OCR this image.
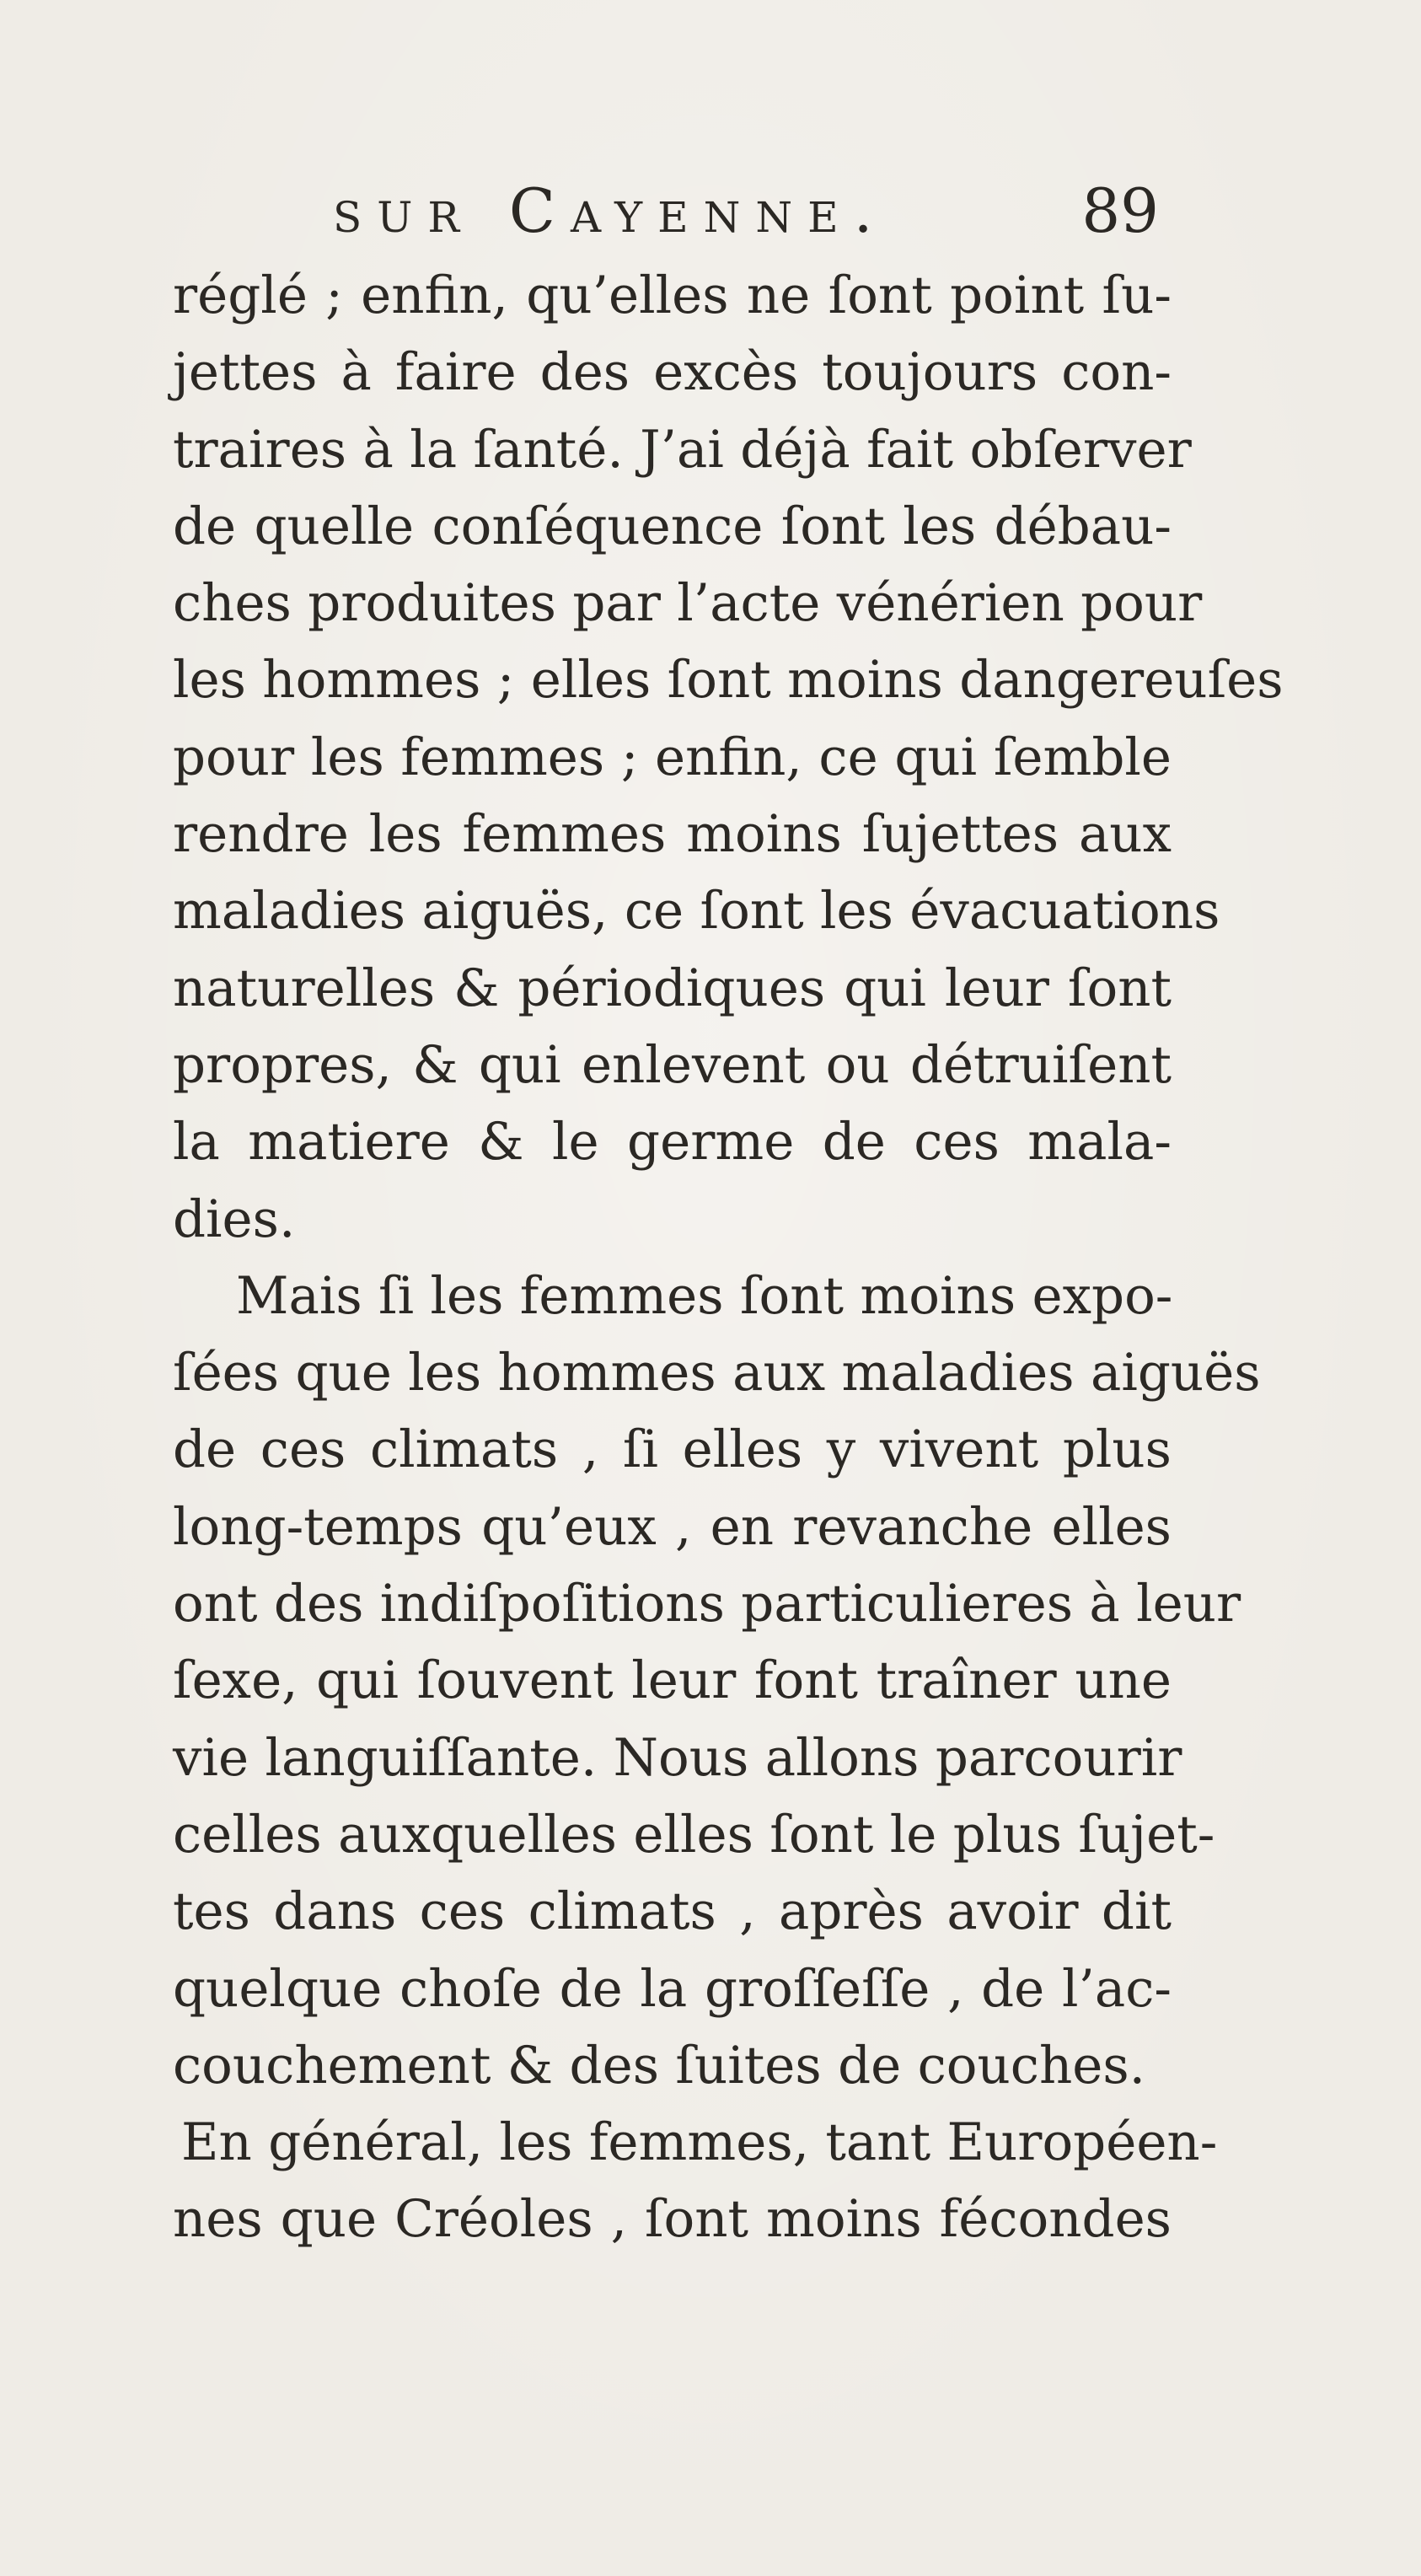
sur Cayenne.	89
réglé ; enfin, qu’elles ne ſont point ſu-
jettes à faire des excès toujours con-
traires à la ſanté. J’ai déjà fait obſerver
de quelle conſéquence ſont les débau-
ches produites par l’acte vénérien pour
les hommes ; elles ſont moins dangereuſes
pour les femmes ; enfin, ce qui ſemble
rendre les femmes moins ſujettes aux
maladies aiguës, ce ſont les évacuations
naturelles & périodiques qui leur ſont
propres, & qui enlevent ou détruiſent
la matiere & le germe de ces mala-
dies.
Mais ſi les femmes ſont moins expo-
ſées que les hommes aux maladies aiguës
de ces climats , ſi elles y vivent plus
long-temps qu’eux , en revanche elles
ont des indiſpoſitions particulieres à leur
ſexe, qui ſouvent leur font traîner une
vie languiſſante. Nous allons parcourir
celles auxquelles elles ſont le plus ſujet-
tes dans ces climats , après avoir dit
quelque choſe de la groſſeſſe , de l’ac-
couchement & des ſuites de couches.
En général, les femmes, tant Européen-
nes que Créoles , ſont moins fécondes
